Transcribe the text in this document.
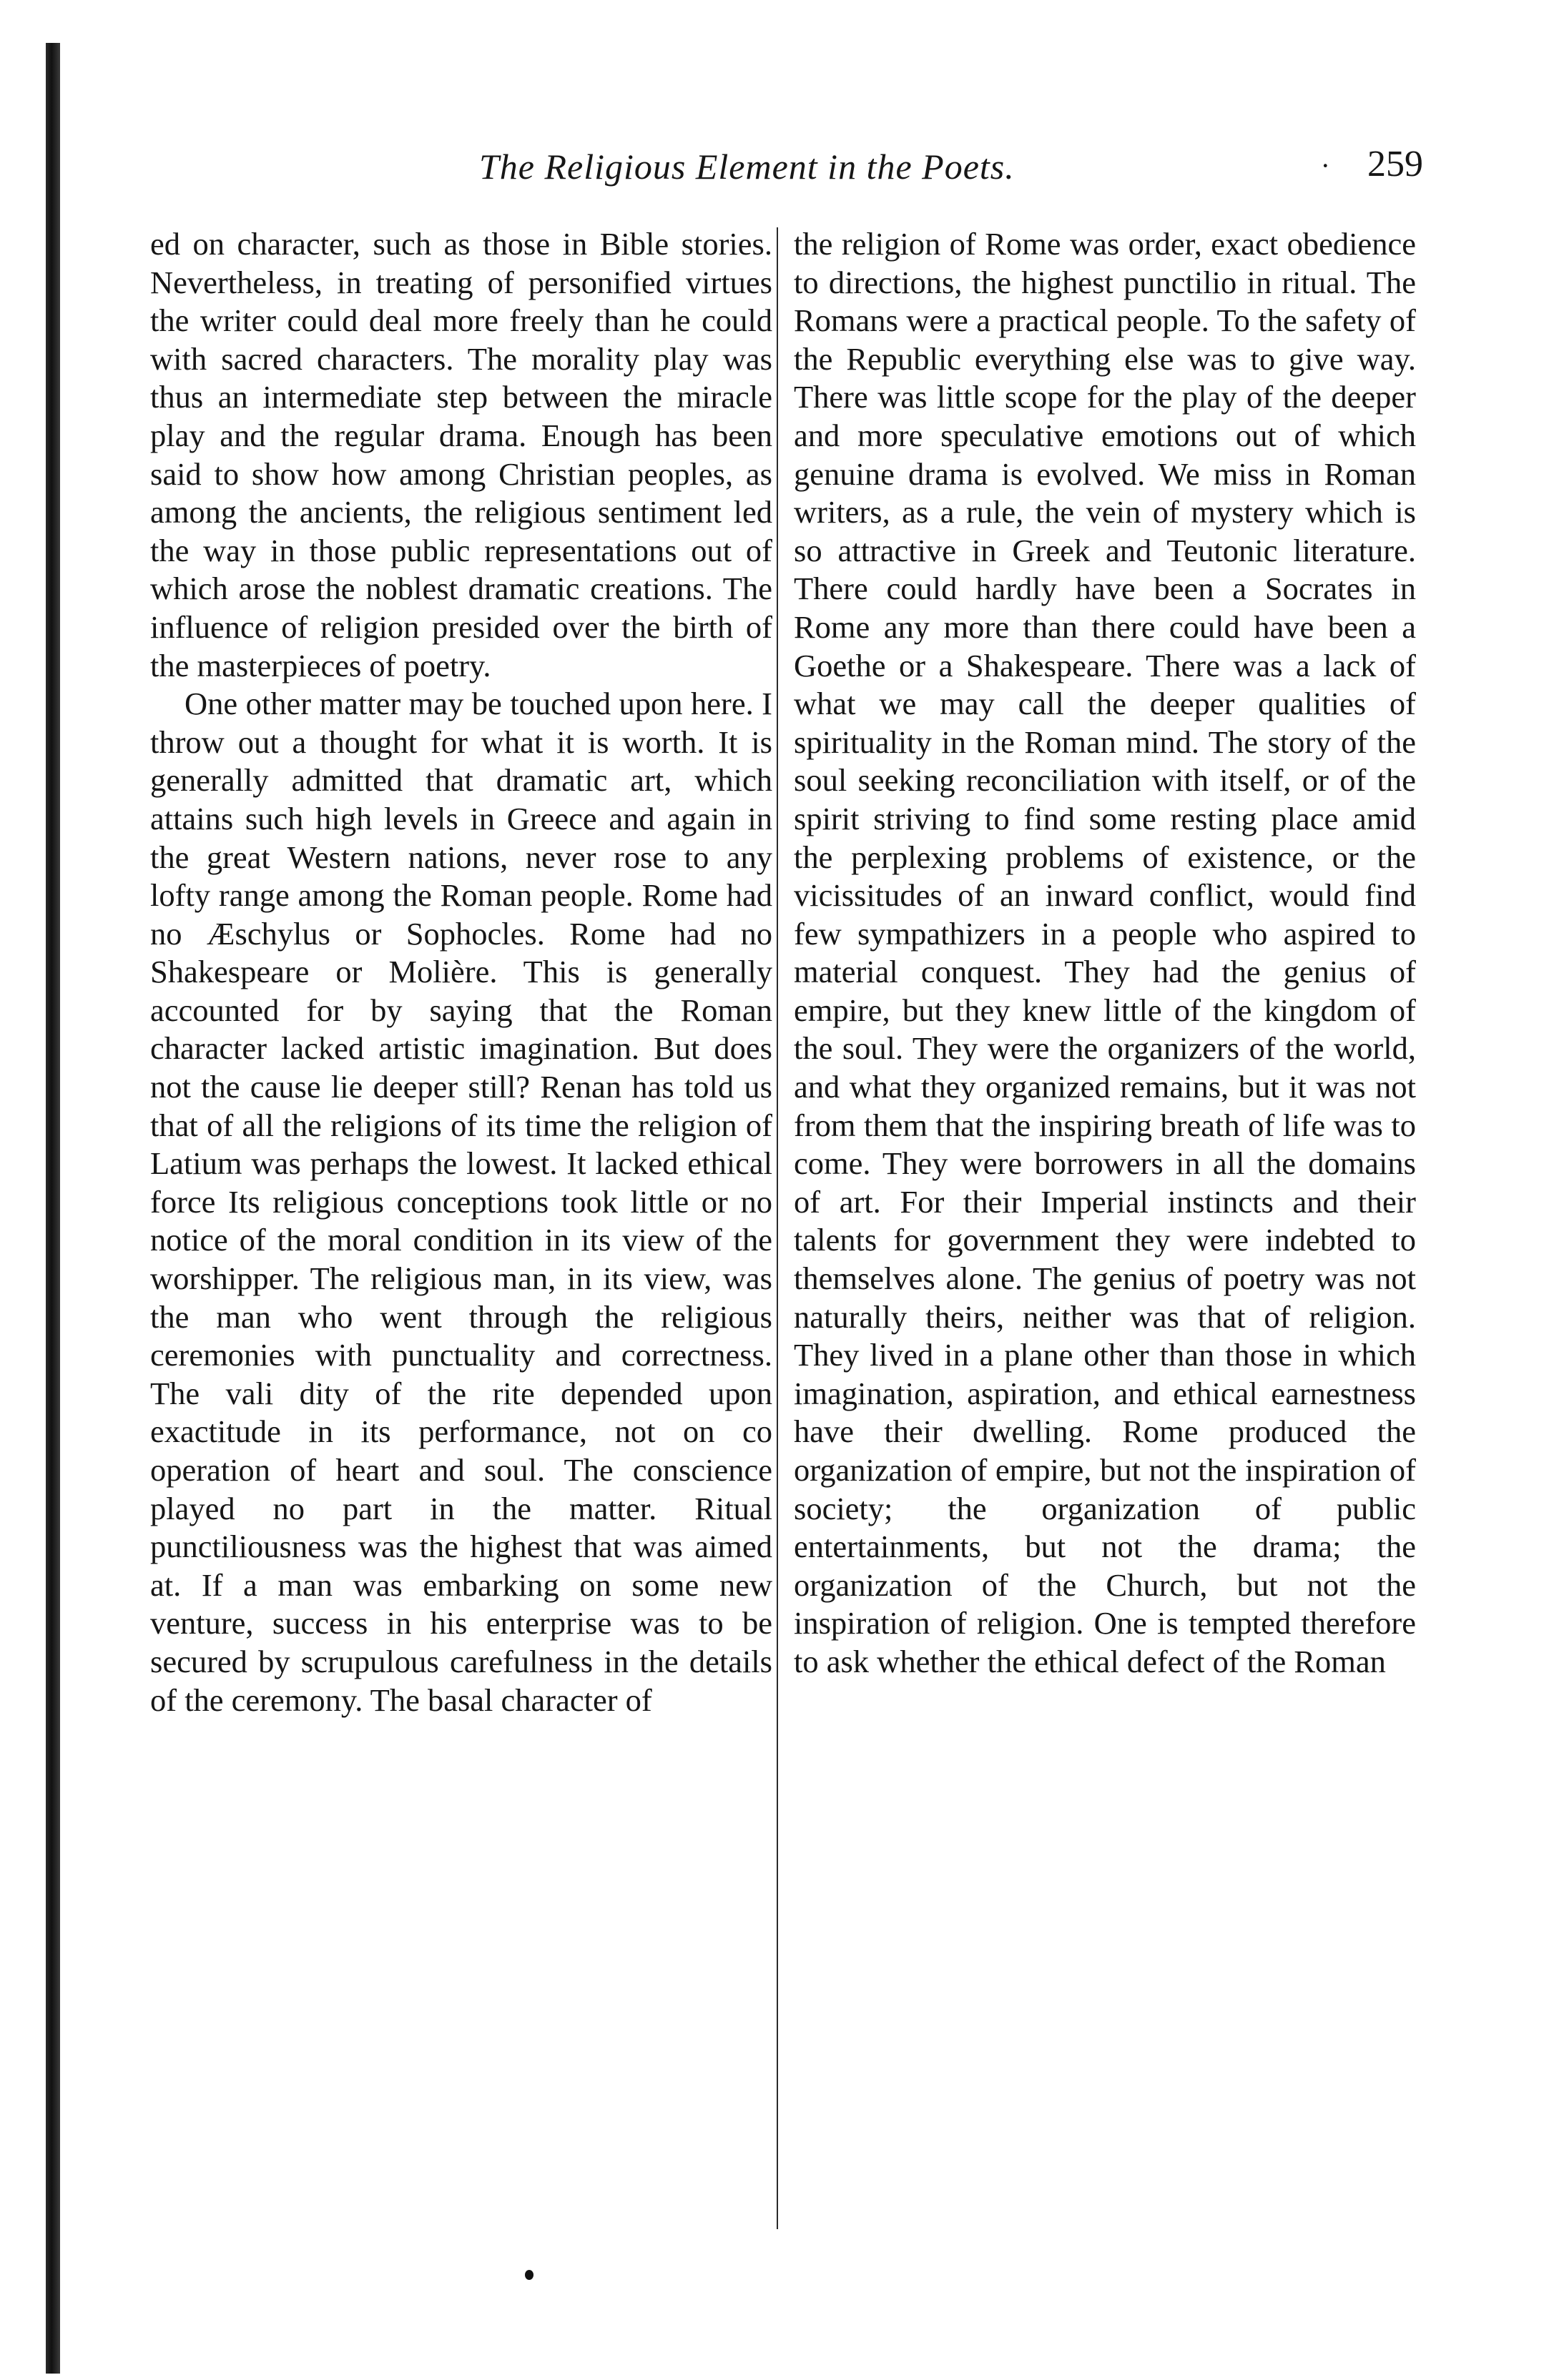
The Religious Element in the Poets.	· 259

ed on character, such as those in Bible stories. Nevertheless, in treating of personified virtues the writer could deal more freely than he could with sacred characters. The morality play was thus an intermediate step between the miracle play and the regular drama. Enough has been said to show how among Christian peoples, as among the ancients, the religious sentiment led the way in those public representations out of which arose the noblest dramatic creations. The influence of religion presided over the birth of the masterpieces of poetry.

One other matter may be touched upon here. I throw out a thought for what it is worth. It is generally admitted that dramatic art, which attains such high levels in Greece and again in the great Western nations, never rose to any lofty range among the Roman people. Rome had no Æschylus or Sophocles. Rome had no Shakespeare or Molière. This is generally accounted for by saying that the Roman character lacked artistic imagination. But does not the cause lie deeper still? Renan has told us that of all the religions of its time the religion of Latium was perhaps the lowest. It lacked ethical force Its religious conceptions took little or no notice of the moral condition in its view of the worshipper. The religious man, in its view, was the man who went through the religious ceremonies with punctuality and correctness. The vali dity of the rite depended upon exactitude in its performance, not on co operation of heart and soul. The conscience played no part in the matter. Ritual punctiliousness was the highest that was aimed at. If a man was embarking on some new venture, success in his enterprise was to be secured by scrupulous carefulness in the details of the ceremony. The basal character of

the religion of Rome was order, exact obedience to directions, the highest punctilio in ritual. The Romans were a practical people. To the safety of the Republic everything else was to give way. There was little scope for the play of the deeper and more speculative emotions out of which genuine drama is evolved. We miss in Roman writers, as a rule, the vein of mystery which is so attractive in Greek and Teutonic literature. There could hardly have been a Socrates in Rome any more than there could have been a Goethe or a Shakespeare. There was a lack of what we may call the deeper qualities of spirituality in the Roman mind. The story of the soul seeking reconciliation with itself, or of the spirit striving to find some resting place amid the perplexing problems of existence, or the vicissitudes of an inward conflict, would find few sympathizers in a people who aspired to material conquest. They had the genius of empire, but they knew little of the kingdom of the soul. They were the organizers of the world, and what they organized remains, but it was not from them that the inspiring breath of life was to come. They were borrowers in all the domains of art. For their Imperial instincts and their talents for government they were indebted to themselves alone. The genius of poetry was not naturally theirs, neither was that of religion. They lived in a plane other than those in which imagination, aspiration, and ethical earnestness have their dwelling. Rome produced the organization of empire, but not the inspiration of society; the organization of public entertainments, but not the drama; the organization of the Church, but not the inspiration of religion. One is tempted therefore to ask whether the ethical defect of the Roman
